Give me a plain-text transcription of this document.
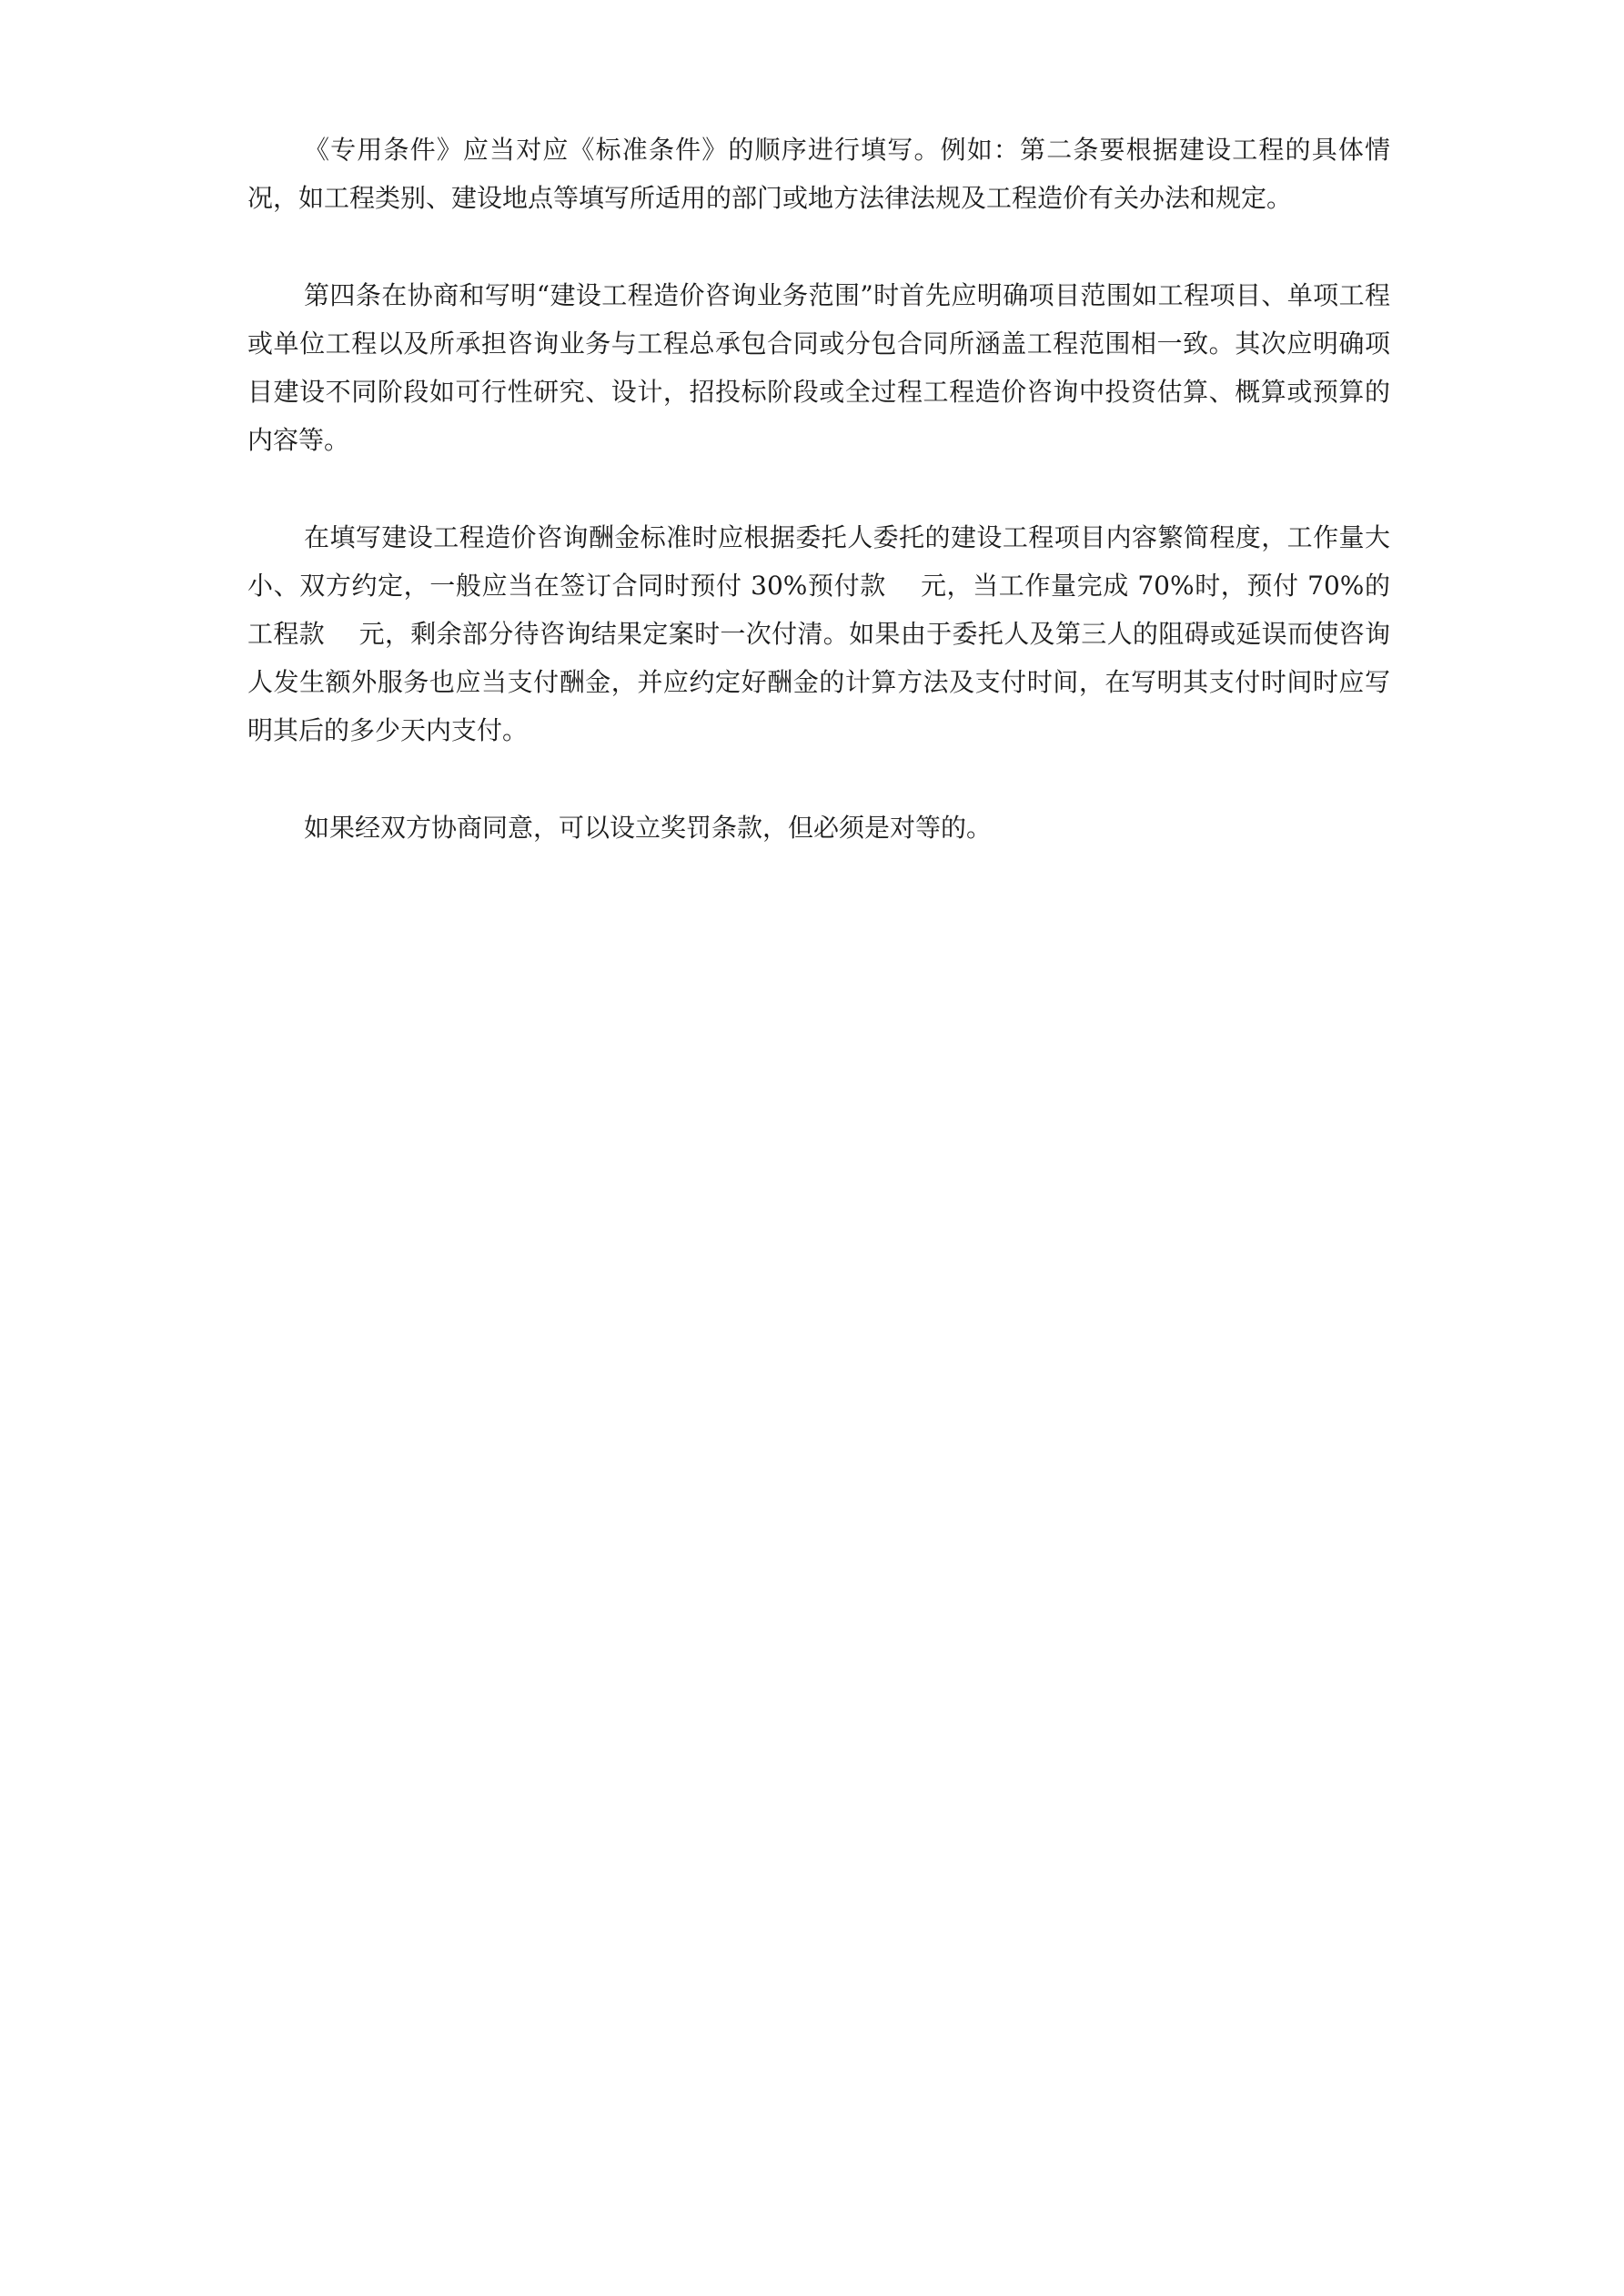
《专用条件》应当对应《标准条件》的顺序进行填写。例如：第二条要根据建设工程的具体情况，如工程类别、建设地点等填写所适用的部门或地方法律法规及工程造价有关办法和规定。

第四条在协商和写明“建设工程造价咨询业务范围”时首先应明确项目范围如工程项目、单项工程或单位工程以及所承担咨询业务与工程总承包合同或分包合同所涵盖工程范围相一致。其次应明确项目建设不同阶段如可行性研究、设计，招投标阶段或全过程工程造价咨询中投资估算、概算或预算的内容等。

在填写建设工程造价咨询酬金标准时应根据委托人委托的建设工程项目内容繁简程度，工作量大小、双方约定，一般应当在签订合同时预付 30%预付款　 元，当工作量完成 70%时，预付 70%的工程款　 元，剩余部分待咨询结果定案时一次付清。如果由于委托人及第三人的阻碍或延误而使咨询人发生额外服务也应当支付酬金，并应约定好酬金的计算方法及支付时间，在写明其支付时间时应写明其后的多少天内支付。

如果经双方协商同意，可以设立奖罚条款，但必须是对等的。
